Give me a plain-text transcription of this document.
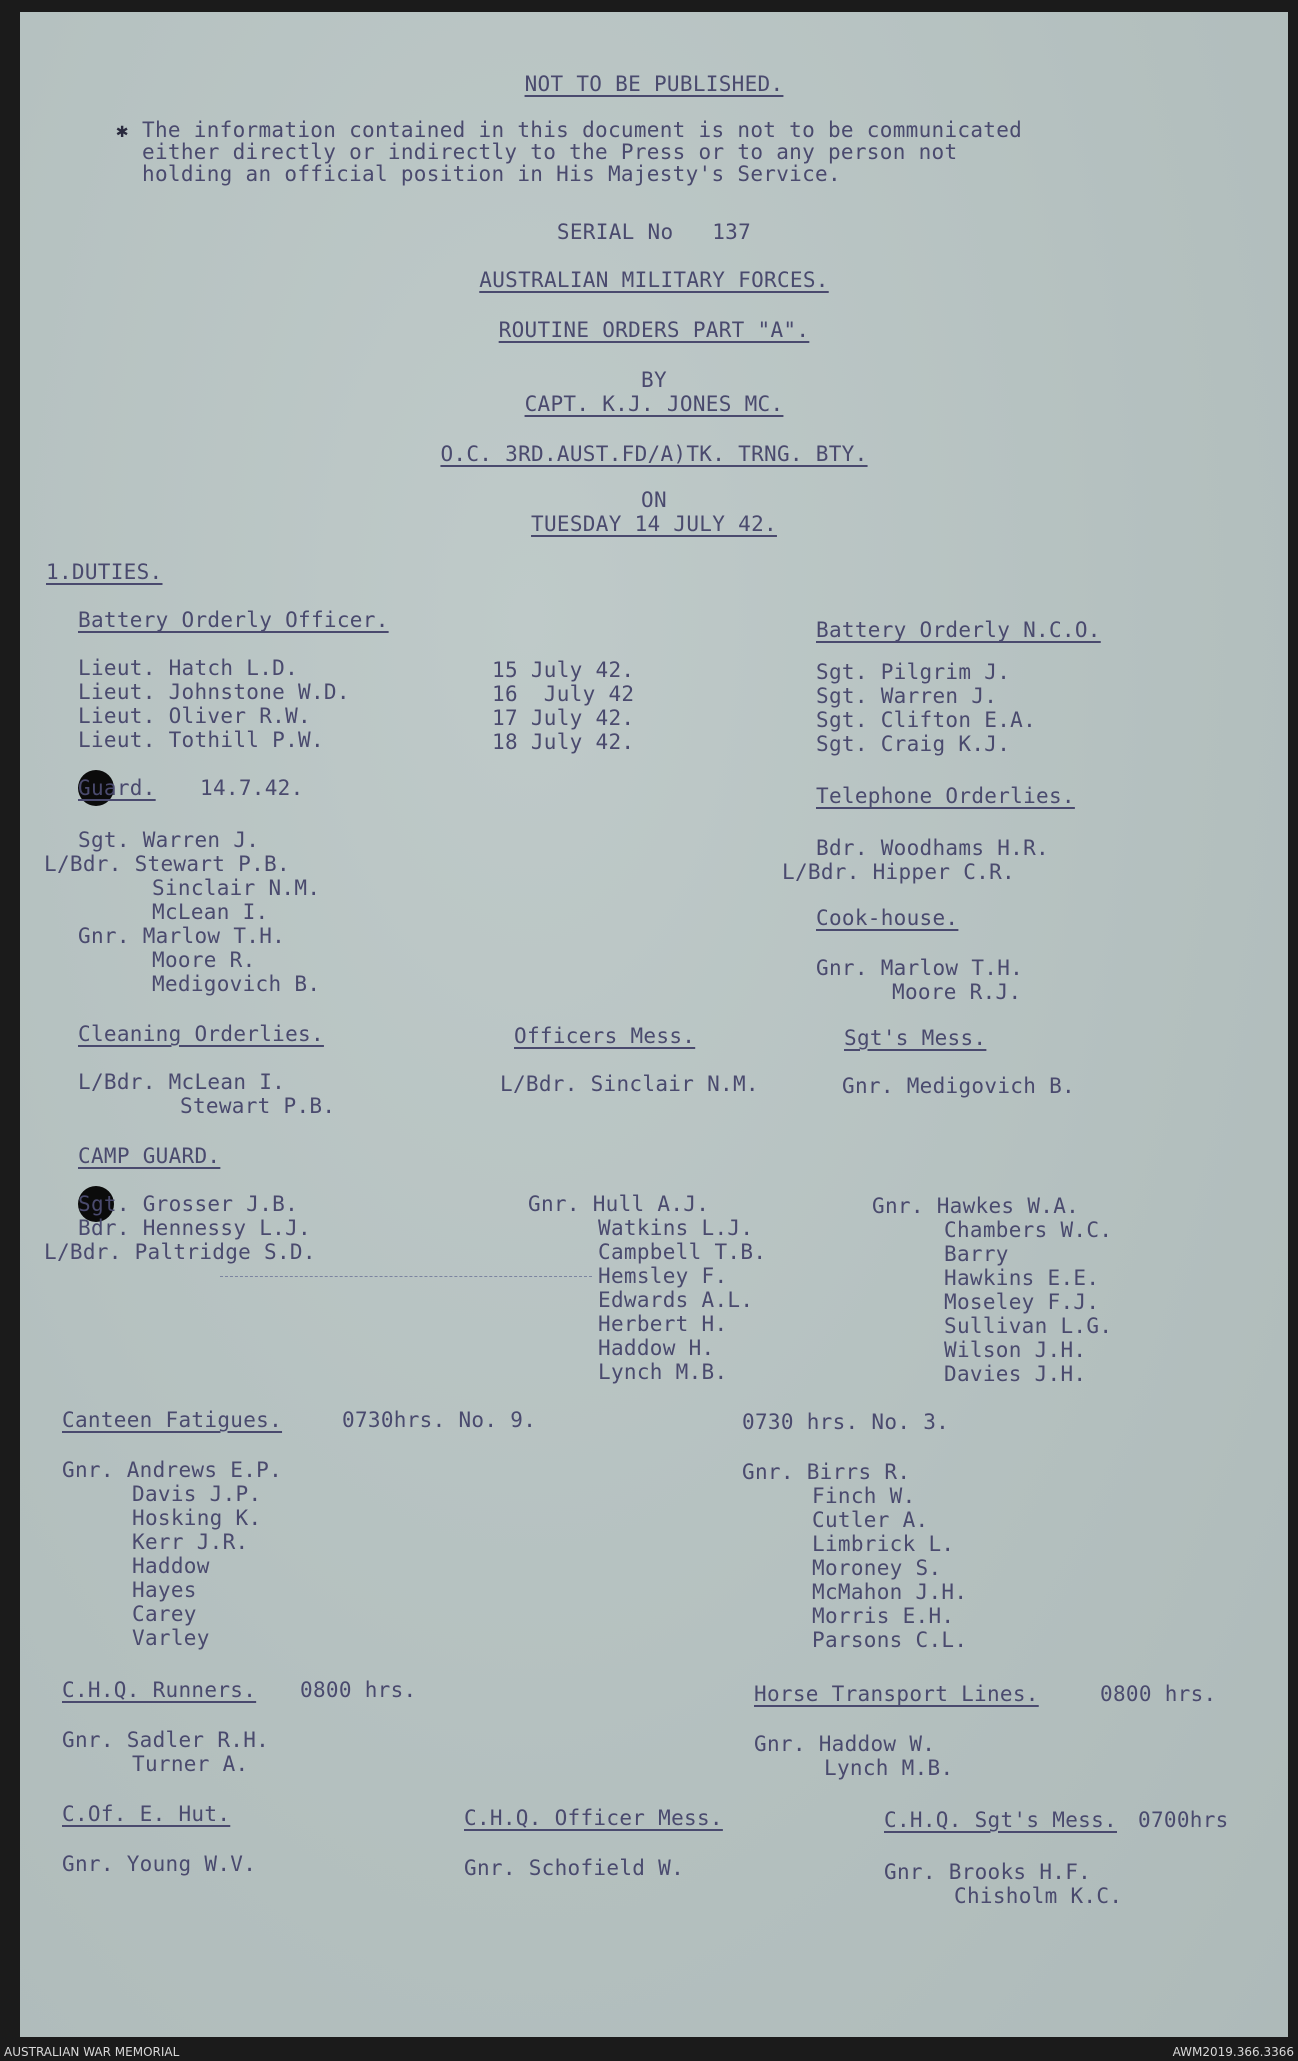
NOT TO BE PUBLISHED.
✱ The information contained in this document is not to be communicated
either directly or indirectly to the Press or to any person not
holding an official position in His Majesty's Service.
SERIAL No   137
AUSTRALIAN MILITARY FORCES.
ROUTINE ORDERS PART "A".
BY
CAPT. K.J. JONES MC.
O.C. 3RD.AUST.FD/A)TK. TRNG. BTY.
ON
TUESDAY 14 JULY 42.
1.DUTIES.
Battery Orderly Officer.
Lieut. Hatch L.D.	15 July 42.
Lieut. Johnstone W.D.	16  July 42
Lieut. Oliver R.W.	17 July 42.
Lieut. Tothill P.W.	18 July 42.
Battery Orderly N.C.O.
Sgt. Pilgrim J.
Sgt. Warren J.
Sgt. Clifton E.A.
Sgt. Craig K.J.
Guard. 14.7.42.
Sgt. Warren J.
L/Bdr. Stewart P.B.
Sinclair N.M.
McLean I.
Gnr. Marlow T.H.
Moore R.
Medigovich B.
Telephone Orderlies.
Bdr. Woodhams H.R.
L/Bdr. Hipper C.R.
Cook-house.
Gnr. Marlow T.H.
Moore R.J.
Cleaning Orderlies.
L/Bdr. McLean I.
Stewart P.B.
Officers Mess.
L/Bdr. Sinclair N.M.
Sgt's Mess.
Gnr. Medigovich B.
CAMP GUARD.
Sgt. Grosser J.B.
Bdr. Hennessy L.J.
L/Bdr. Paltridge S.D.
Gnr. Hull A.J.
Watkins L.J.
Campbell T.B.
Hemsley F.
Edwards A.L.
Herbert H.
Haddow H.
Lynch M.B.
Gnr. Hawkes W.A.
Chambers W.C.
Barry
Hawkins E.E.
Moseley F.J.
Sullivan L.G.
Wilson J.H.
Davies J.H.
Canteen Fatigues.	0730hrs. No. 9.	0730 hrs. No. 3.
Gnr. Andrews E.P.
Davis J.P.
Hosking K.
Kerr J.R.
Haddow
Hayes
Carey
Varley
Gnr. Birrs R.
Finch W.
Cutler A.
Limbrick L.
Moroney S.
McMahon J.H.
Morris E.H.
Parsons C.L.
C.H.Q. Runners. 0800 hrs.
Gnr. Sadler R.H.
Turner A.
Horse Transport Lines.	0800 hrs.
Gnr. Haddow W.
Lynch M.B.
C.Of. E. Hut.
Gnr. Young W.V.
C.H.Q. Officer Mess.
Gnr. Schofield W.
C.H.Q. Sgt's Mess. 0700hrs
Gnr. Brooks H.F.
Chisholm K.C.
AUSTRALIAN WAR MEMORIAL	AWM2019.366.3366
